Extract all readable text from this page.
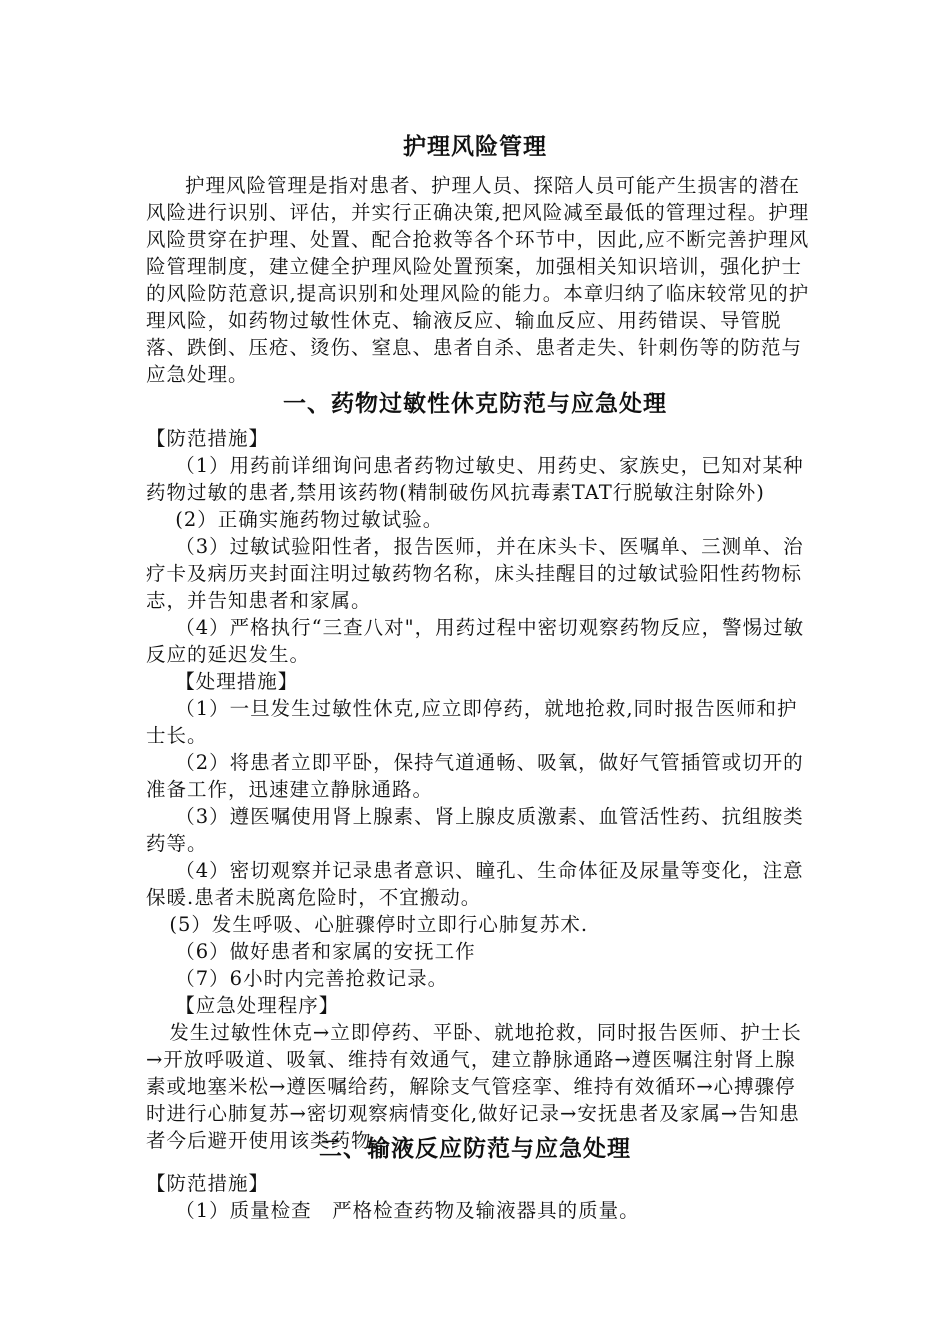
护理风险管理

护理风险管理是指对患者、护理人员、探陪人员可能产生损害的潜在风险进行识别、评估，并实行正确决策,把风险减至最低的管理过程。护理风险贯穿在护理、处置、配合抢救等各个环节中，因此,应不断完善护理风险管理制度，建立健全护理风险处置预案，加强相关知识培训，强化护士的风险防范意识,提高识别和处理风险的能力。本章归纳了临床较常见的护理风险，如药物过敏性休克、输液反应、输血反应、用药错误、导管脱落、跌倒、压疮、烫伤、窒息、患者自杀、患者走失、针刺伤等的防范与应急处理。

一、药物过敏性休克防范与应急处理

【防范措施】

（1）用药前详细询问患者药物过敏史、用药史、家族史，已知对某种药物过敏的患者,禁用该药物(精制破伤风抗毒素TAT行脱敏注射除外)

(2）正确实施药物过敏试验。

（3）过敏试验阳性者，报告医师，并在床头卡、医嘱单、三测单、治疗卡及病历夹封面注明过敏药物名称，床头挂醒目的过敏试验阳性药物标志，并告知患者和家属。

（4）严格执行“三查八对"，用药过程中密切观察药物反应，警惕过敏反应的延迟发生。

【处理措施】

（1）一旦发生过敏性休克,应立即停药，就地抢救,同时报告医师和护士长。

（2）将患者立即平卧，保持气道通畅、吸氧，做好气管插管或切开的准备工作，迅速建立静脉通路。

（3）遵医嘱使用肾上腺素、肾上腺皮质激素、血管活性药、抗组胺类药等。

（4）密切观察并记录患者意识、瞳孔、生命体征及尿量等变化，注意保暖.患者未脱离危险时，不宜搬动。

(5）发生呼吸、心脏骤停时立即行心肺复苏术.

（6）做好患者和家属的安抚工作

（7）6小时内完善抢救记录。

【应急处理程序】

发生过敏性休克→立即停药、平卧、就地抢救，同时报告医师、护士长→开放呼吸道、吸氧、维持有效通气，建立静脉通路→遵医嘱注射肾上腺素或地塞米松→遵医嘱给药，解除支气管痉挛、维持有效循环→心搏骤停时进行心肺复苏→密切观察病情变化,做好记录→安抚患者及家属→告知患者今后避开使用该类药物。

二、输液反应防范与应急处理

【防范措施】

（1）质量检查　严格检查药物及输液器具的质量。
